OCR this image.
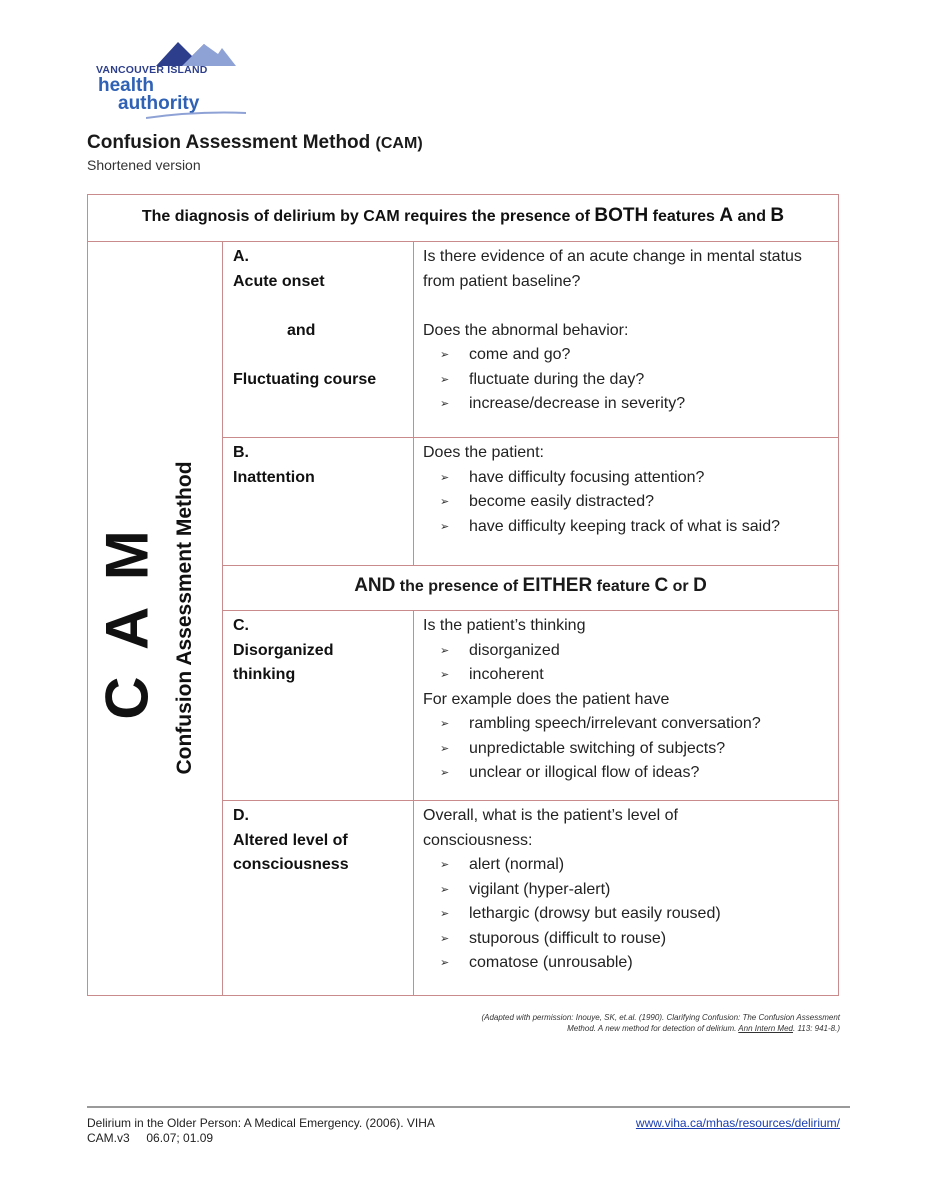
VANCOUVER ISLAND
health
authority
Confusion Assessment Method (CAM)
Shortened version
The diagnosis of delirium by CAM requires the presence of BOTH features A and B
C A M Confusion Assessment Method
A.
Acute onset
and
Fluctuating course
Is there evidence of an acute change in mental status from patient baseline?
Does the abnormal behavior:
➢ come and go?
➢ fluctuate during the day?
➢ increase/decrease in severity?
B.
Inattention
Does the patient:
➢ have difficulty focusing attention?
➢ become easily distracted?
➢ have difficulty keeping track of what is said?
AND the presence of EITHER feature C or D
C.
Disorganized
thinking
Is the patient’s thinking
➢ disorganized
➢ incoherent
For example does the patient have
➢ rambling speech/irrelevant conversation?
➢ unpredictable switching of subjects?
➢ unclear or illogical flow of ideas?
D.
Altered level of
consciousness
Overall, what is the patient’s level of consciousness:
➢ alert (normal)
➢ vigilant (hyper-alert)
➢ lethargic (drowsy but easily roused)
➢ stuporous (difficult to rouse)
➢ comatose (unrousable)
(Adapted with permission: Inouye, SK, et.al. (1990). Clarifying Confusion: The Confusion Assessment
Method. A new method for detection of delirium. Ann Intern Med. 113: 941-8.)
Delirium in the Older Person: A Medical Emergency. (2006). VIHA
CAM.v3     06.07; 01.09
www.viha.ca/mhas/resources/delirium/
